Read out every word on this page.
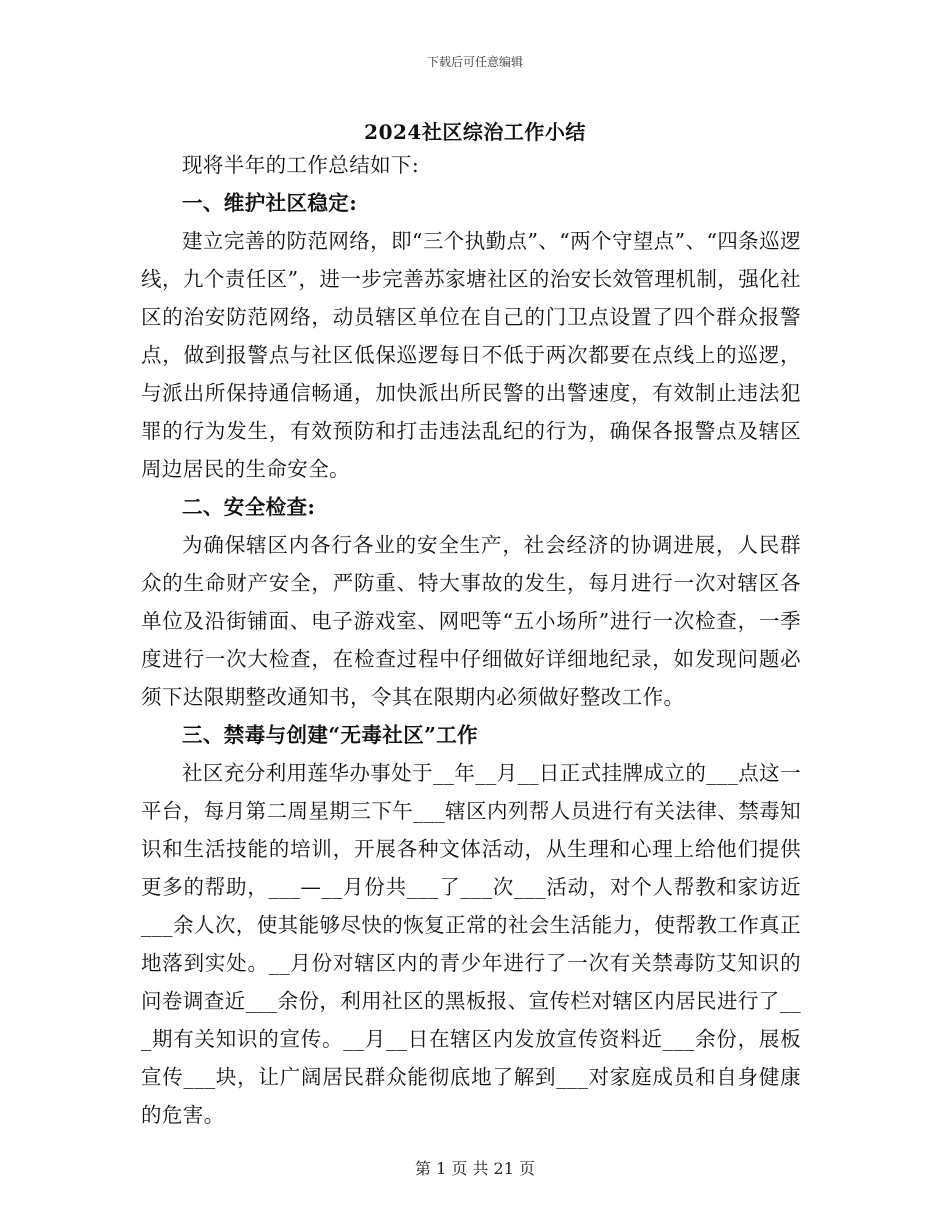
下载后可任意编辑
2024社区综治工作小结

现将半年的工作总结如下:

一、维护社区稳定:

建立完善的防范网络，即“三个执勤点”、“两个守望点”、“四条巡逻线，九个责任区”，进一步完善苏家塘社区的治安长效管理机制，强化社区的治安防范网络，动员辖区单位在自己的门卫点设置了四个群众报警点，做到报警点与社区低保巡逻每日不低于两次都要在点线上的巡逻，与派出所保持通信畅通，加快派出所民警的出警速度，有效制止违法犯罪的行为发生，有效预防和打击违法乱纪的行为，确保各报警点及辖区周边居民的生命安全。

二、安全检查:

为确保辖区内各行各业的安全生产，社会经济的协调进展，人民群众的生命财产安全，严防重、特大事故的发生，每月进行一次对辖区各单位及沿街铺面、电子游戏室、网吧等“五小场所”进行一次检查，一季度进行一次大检查，在检查过程中仔细做好详细地纪录，如发现问题必须下达限期整改通知书，令其在限期内必须做好整改工作。

三、禁毒与创建“无毒社区”工作

社区充分利用莲华办事处于__年__月__日正式挂牌成立的___点这一平台，每月第二周星期三下午___辖区内列帮人员进行有关法律、禁毒知识和生活技能的培训，开展各种文体活动，从生理和心理上给他们提供更多的帮助，___—__月份共___了___次___活动，对个人帮教和家访近___余人次，使其能够尽快的恢复正常的社会生活能力，使帮教工作真正地落到实处。__月份对辖区内的青少年进行了一次有关禁毒防艾知识的问卷调查近___余份，利用社区的黑板报、宣传栏对辖区内居民进行了___期有关知识的宣传。__月__日在辖区内发放宣传资料近___余份，展板宣传___块，让广阔居民群众能彻底地了解到___对家庭成员和自身健康的危害。

第 1 页 共 21 页
